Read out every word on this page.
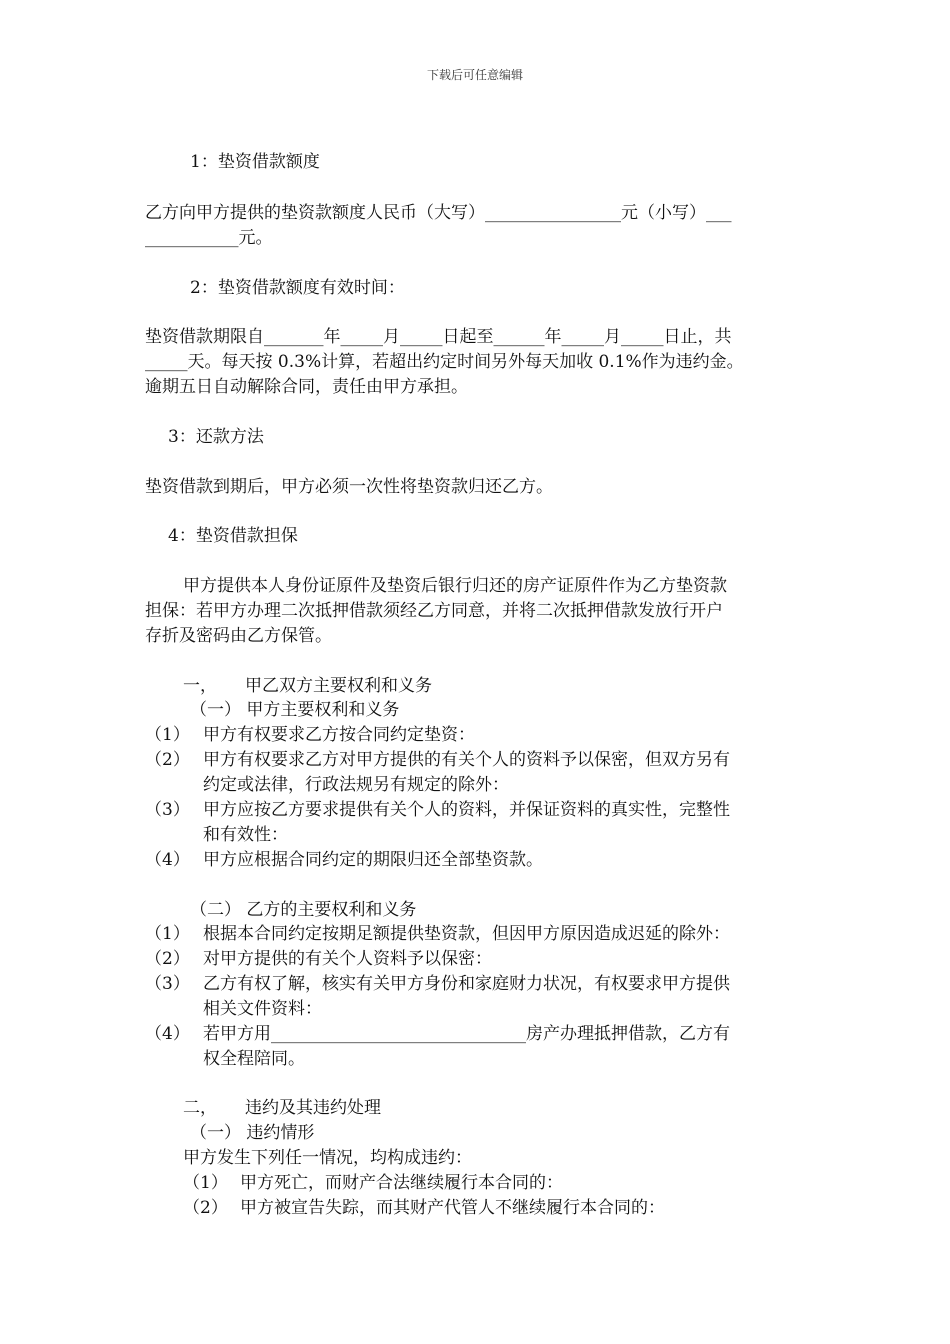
下载后可任意编辑
1：垫资借款额度
乙方向甲方提供的垫资款额度人民币（大写）________________元（小写）___
___________元。
2：垫资借款额度有效时间：
垫资借款期限自_______年_____月_____日起至______年_____月_____日止，共
_____天。每天按 0.3%计算，若超出约定时间另外每天加收 0.1%作为违约金。
逾期五日自动解除合同，责任由甲方承担。
3：还款方法
垫资借款到期后，甲方必须一次性将垫资款归还乙方。
4：垫资借款担保
甲方提供本人身份证原件及垫资后银行归还的房产证原件作为乙方垫资款
担保：若甲方办理二次抵押借款须经乙方同意，并将二次抵押借款发放行开户
存折及密码由乙方保管。
一， 甲乙双方主要权利和义务
（一） 甲方主要权利和义务
（1） 甲方有权要求乙方按合同约定垫资：
（2） 甲方有权要求乙方对甲方提供的有关个人的资料予以保密，但双方另有
约定或法律，行政法规另有规定的除外：
（3） 甲方应按乙方要求提供有关个人的资料，并保证资料的真实性，完整性
和有效性：
（4） 甲方应根据合同约定的期限归还全部垫资款。
（二） 乙方的主要权利和义务
（1） 根据本合同约定按期足额提供垫资款，但因甲方原因造成迟延的除外：
（2） 对甲方提供的有关个人资料予以保密：
（3） 乙方有权了解，核实有关甲方身份和家庭财力状况，有权要求甲方提供
相关文件资料：
（4） 若甲方用______________________________房产办理抵押借款，乙方有
权全程陪同。
二， 违约及其违约处理
（一） 违约情形
甲方发生下列任一情况，均构成违约：
（1） 甲方死亡，而财产合法继续履行本合同的：
（2） 甲方被宣告失踪，而其财产代管人不继续履行本合同的：
